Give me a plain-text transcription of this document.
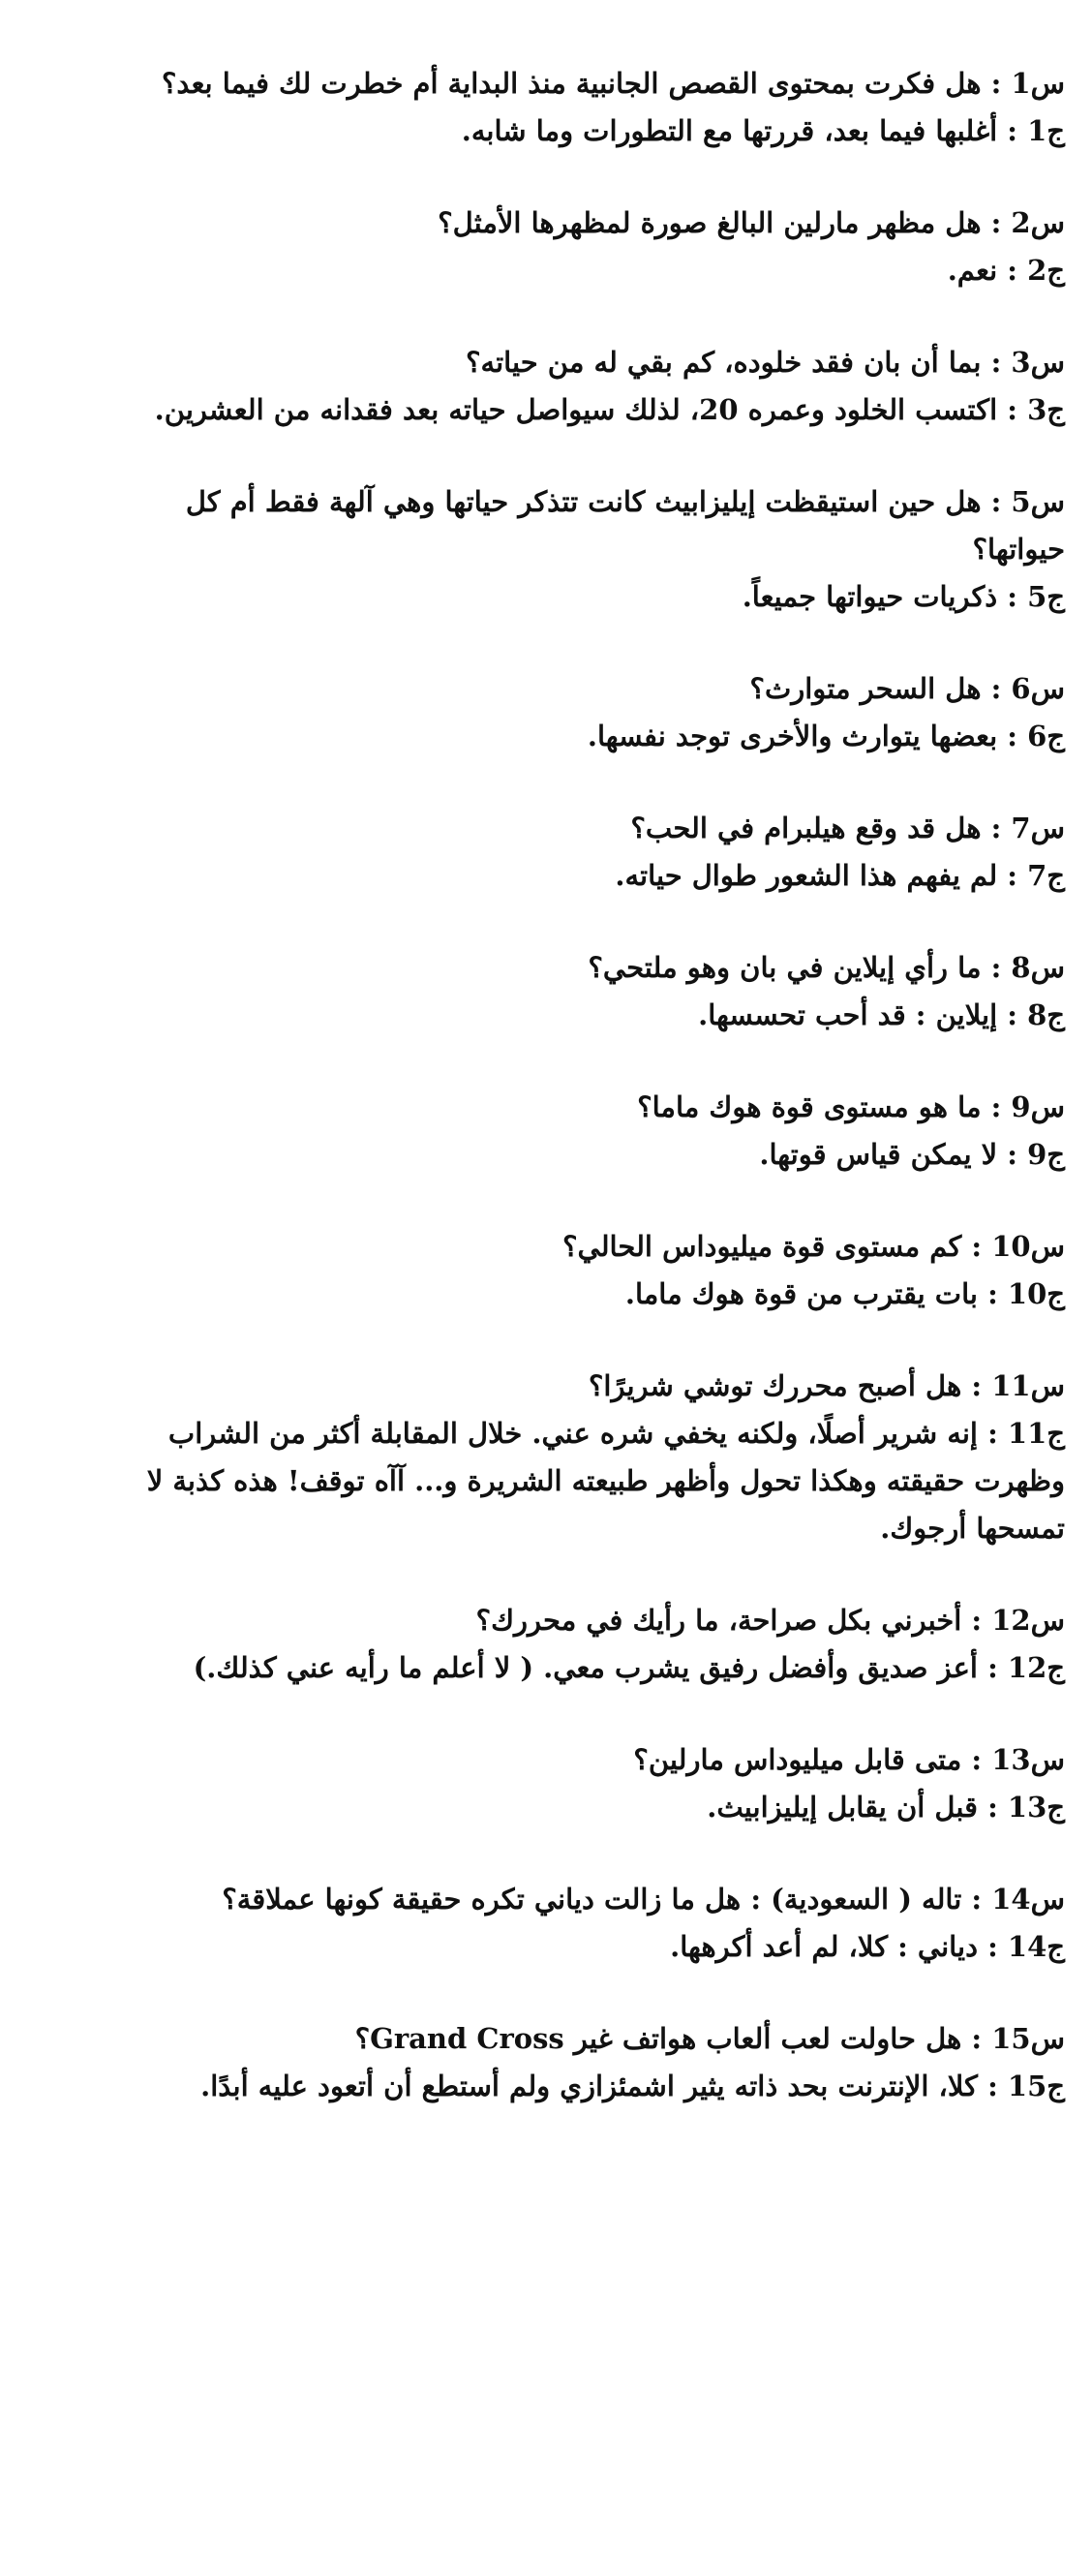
س1 : هل فكرت بمحتوى القصص الجانبية منذ البداية أم خطرت لك فيما بعد؟

ج1 : أغلبها فيما بعد، قررتها مع التطورات وما شابه.

س2 : هل مظهر مارلين البالغ صورة لمظهرها الأمثل؟

ج2 : نعم.

س3 : بما أن بان فقد خلوده، كم بقي له من حياته؟

ج3 : اكتسب الخلود وعمره 20، لذلك سيواصل حياته بعد فقدانه من العشرين.

س5 : هل حين استيقظت إيليزابيث كانت تتذكر حياتها وهي آلهة فقط أم كل حيواتها؟

ج5 : ذكريات حيواتها جميعاً.

س6 : هل السحر متوارث؟

ج6 : بعضها يتوارث والأخرى توجد نفسها.

س7 : هل قد وقع هيلبرام في الحب؟

ج7 : لم يفهم هذا الشعور طوال حياته.

س8 : ما رأي إيلاين في بان وهو ملتحي؟

ج8 : إيلاين : قد أحب تحسسها.

س9 : ما هو مستوى قوة هوك ماما؟

ج9 : لا يمكن قياس قوتها.

س10 : كم مستوى قوة ميليوداس الحالي؟

ج10 : بات يقترب من قوة هوك ماما.

س11 : هل أصبح محررك توشي شريرًا؟

ج11 : إنه شرير أصلًا، ولكنه يخفي شره عني. خلال المقابلة أكثر من الشراب وظهرت حقيقته وهكذا تحول وأظهر طبيعته الشريرة و... آآه توقف! هذه كذبة لا تمسحها أرجوك.

س12 : أخبرني بكل صراحة، ما رأيك في محررك؟

ج12 : أعز صديق وأفضل رفيق يشرب معي. ( لا أعلم ما رأيه عني كذلك.)

س13 : متى قابل ميليوداس مارلين؟

ج13 : قبل أن يقابل إيليزابيث.

س14 : تاله ( السعودية) : هل ما زالت دياني تكره حقيقة كونها عملاقة؟

ج14 : دياني : كلا، لم أعد أكرهها.

س15 : هل حاولت لعب ألعاب هواتف غير Grand Cross؟

ج15 : كلا، الإنترنت بحد ذاته يثير اشمئزازي ولم أستطع أن أتعود عليه أبدًا.
